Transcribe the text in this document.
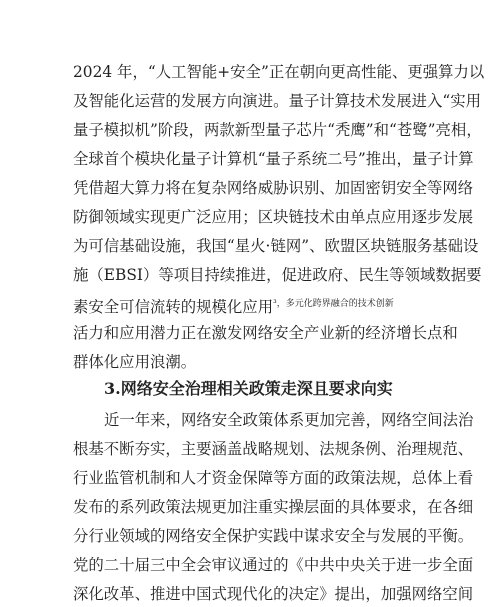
2024 年，“人工智能+安全”正在朝向更高性能、更强算力以
及智能化运营的发展方向演进。量子计算技术发展进入“实用
量子模拟机”阶段，两款新型量子芯片“秃鹰”和“苍鹭”亮相，
全球首个模块化量子计算机“量子系统二号”推出，量子计算
凭借超大算力将在复杂网络威胁识别、加固密钥安全等网络
防御领域实现更广泛应用；区块链技术由单点应用逐步发展
为可信基础设施，我国“星火·链网”、欧盟区块链服务基础设
施（EBSI）等项目持续推进，促进政府、民生等领域数据要
素安全可信流转的规模化应用$^{^3,多元化跨界融合的技术创新}$
活力和应用潜力正在激发网络安全产业新的经济增长点和
群体化应用浪潮。
3.网络安全治理相关政策走深且要求向实
近一年来，网络安全政策体系更加完善，网络空间法治
根基不断夯实，主要涵盖战略规划、法规条例、治理规范、
行业监管机制和人才资金保障等方面的政策法规，总体上看
发布的系列政策法规更加注重实操层面的具体要求，在各细
分行业领域的网络安全保护实践中谋求安全与发展的平衡。
党的二十届三中全会审议通过的《中共中央关于进一步全面
深化改革、推进中国式现代化的决定》提出，加强网络空间
